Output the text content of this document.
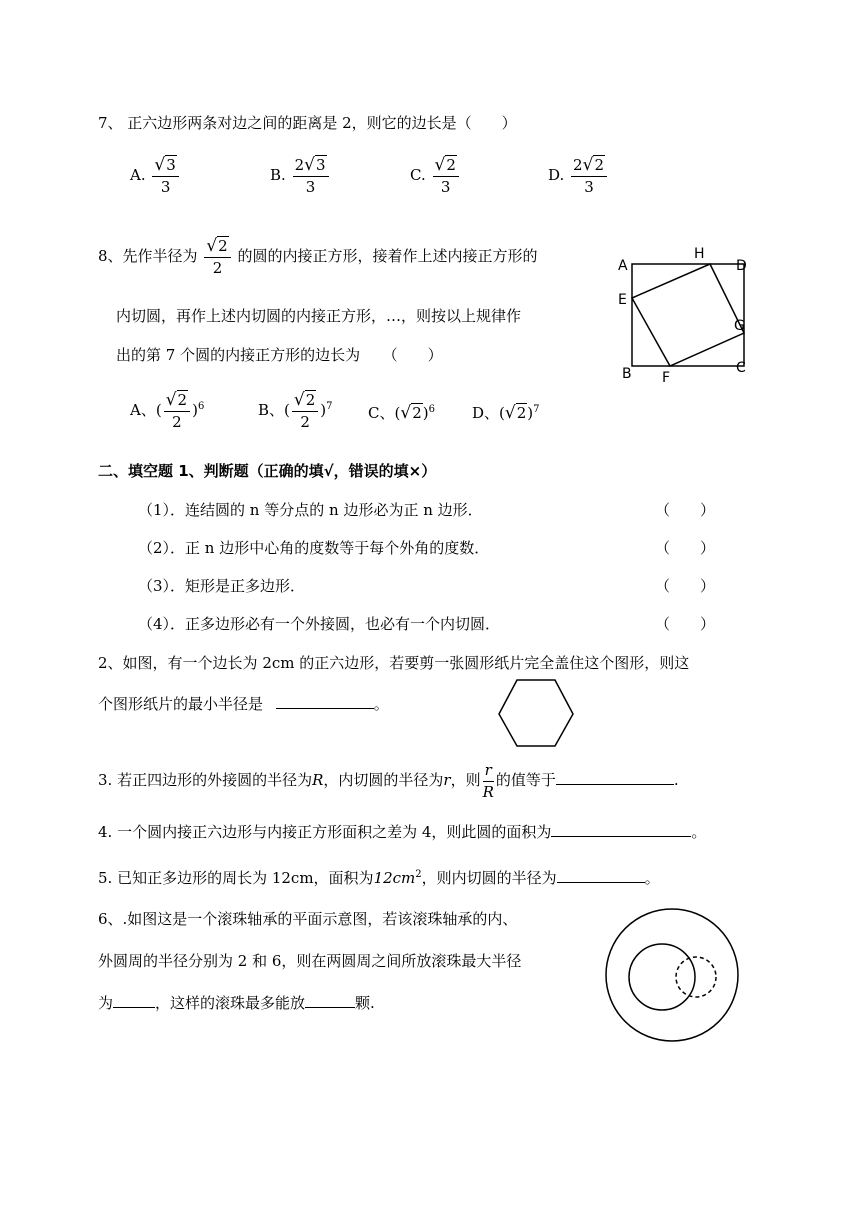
7、 正六边形两条对边之间的距离是 2，则它的边长是（　　）
A. $\frac{√3}{3}$	B. $\frac{2√3}{3}$	C. $\frac{√2}{3}$	D. $\frac{2√2}{3}$
8、先作半径为 $\frac{√2}{2}$ 的圆的内接正方形，接着作上述内接正方形的
内切圆，再作上述内切圆的内接正方形，…，则按以上规律作
出的第 7 个圆的内接正方形的边长为　　（　　）
A、( $\frac{√2}{2} )^6$	B、( $\frac{√2}{2} )^7$ C、$(√2)^6$ D、$(√2)^7$
A
E
B F
C
G
D
H
二、填空题 1、判断题（正确的填√，错误的填×）
（1）．连结圆的 n 等分点的 n 边形必为正 n 边形．	（　　）
（2）．正 n 边形中心角的度数等于每个外角的度数．	（　　）
（3）．矩形是正多边形．	（　　）
（4）．正多边形必有一个外接圆，也必有一个内切圆．	（　　）
2、如图，有一个边长为 2cm 的正六边形，若要剪一张圆形纸片完全盖住这个图形，则这
个图形纸片的最小半径是	。
3. 若正四边形的外接圆的半径为R，内切圆的半径为r，则 $\frac{r}{R}$ 的值等于	.
4. 一个圆内接正六边形与内接正方形面积之差为 4，则此圆的面积为	。
5. 已知正多边形的周长为 12cm，面积为$12cm^2$，则内切圆的半径为	。
6、.如图这是一个滚珠轴承的平面示意图，若该滚珠轴承的内、
外圆周的半径分别为 2 和 6，则在两圆周之间所放滚珠最大半径
为	，这样的滚珠最多能放	颗.
